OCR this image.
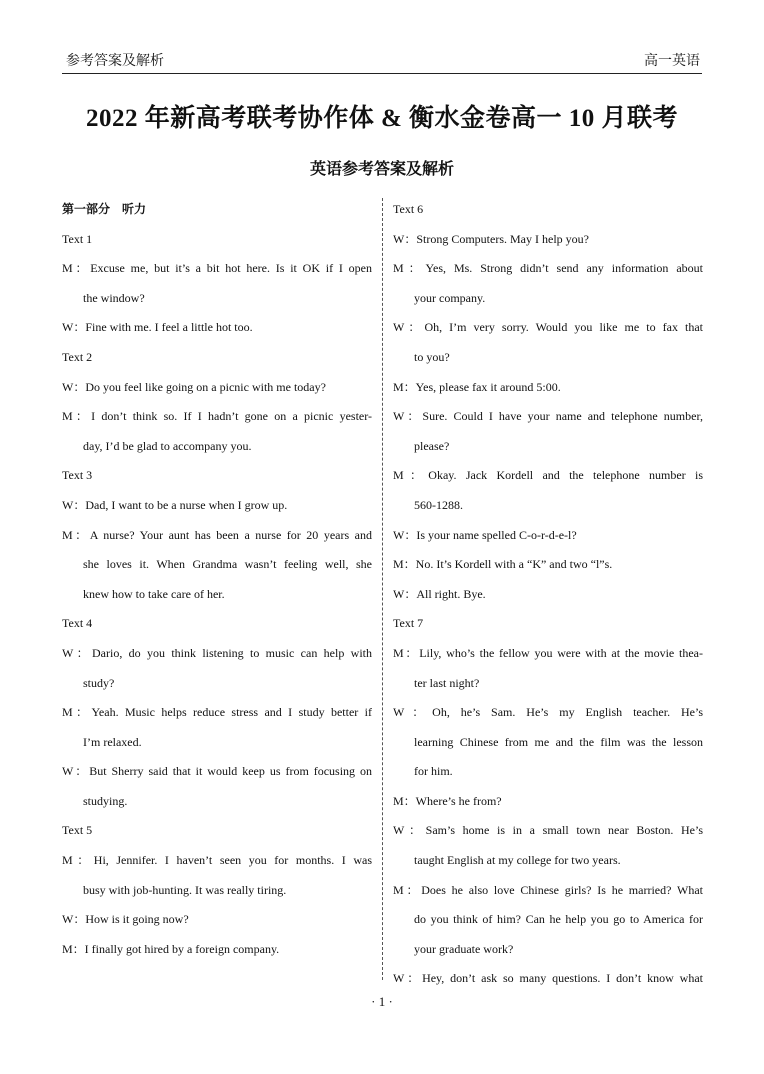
参考答案及解析	高一英语
2022 年新高考联考协作体 & 衡水金卷高一 10 月联考
英语参考答案及解析
第一部分　听力
Text 1
M：Excuse me, but it’s a bit hot here. Is it OK if I open
the window?
W：Fine with me. I feel a little hot too.
Text 2
W：Do you feel like going on a picnic with me today?
M：I don’t think so. If I hadn’t gone on a picnic yester-
day, I’d be glad to accompany you.
Text 3
W：Dad, I want to be a nurse when I grow up.
M：A nurse? Your aunt has been a nurse for 20 years and
she loves it. When Grandma wasn’t feeling well, she
knew how to take care of her.
Text 4
W：Dario, do you think listening to music can help with
study?
M：Yeah. Music helps reduce stress and I study better if
I’m relaxed.
W：But Sherry said that it would keep us from focusing on
studying.
Text 5
M：Hi, Jennifer. I haven’t seen you for months. I was
busy with job-hunting. It was really tiring.
W：How is it going now?
M：I finally got hired by a foreign company.
Text 6
W：Strong Computers. May I help you?
M：Yes, Ms. Strong didn’t send any information about
your company.
W：Oh, I’m very sorry. Would you like me to fax that
to you?
M：Yes, please fax it around 5:00.
W：Sure. Could I have your name and telephone number,
please?
M：Okay. Jack Kordell and the telephone number is
560-1288.
W：Is your name spelled C-o-r-d-e-l?
M：No. It’s Kordell with a “K” and two “l”s.
W：All right. Bye.
Text 7
M：Lily, who’s the fellow you were with at the movie thea-
ter last night?
W：Oh, he’s Sam. He’s my English teacher. He’s
learning Chinese from me and the film was the lesson
for him.
M：Where’s he from?
W：Sam’s home is in a small town near Boston. He’s
taught English at my college for two years.
M：Does he also love Chinese girls? Is he married? What
do you think of him? Can he help you go to America for
your graduate work?
W：Hey, don’t ask so many questions. I don’t know what
· 1 ·
